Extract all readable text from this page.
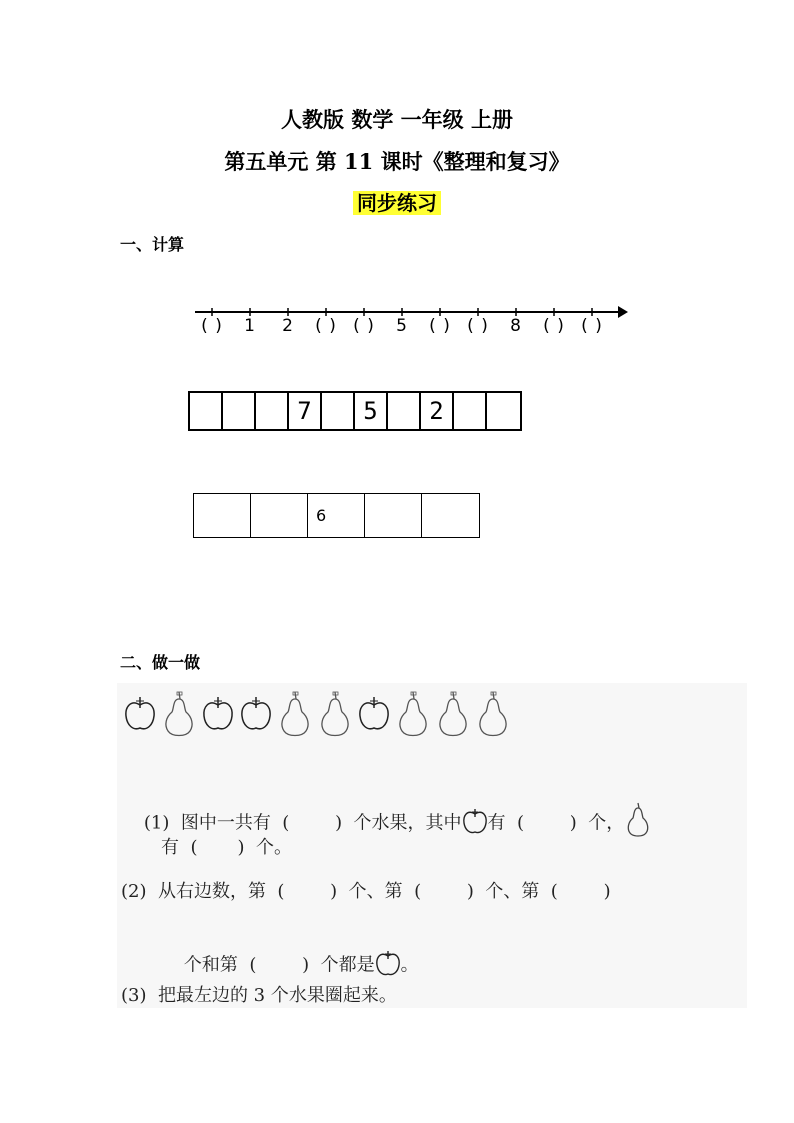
人教版 数学 一年级 上册
第五单元 第 11 课时《整理和复习》
同步练习
一、计算
( ) 1 2 ( ) ( ) 5 ( ) ( ) 8 ( ) ( )
7	5	2
6
二、做一做

(1)  图中一共有  (        )  个水果，其中 有  (        )  个，

有  (       )  个。
(2)  从右边数，第  (        )  个、第  (        )  个、第  (        )

个和第  (        )  个都是 。

(3)  把最左边的 3 个水果圈起来。
